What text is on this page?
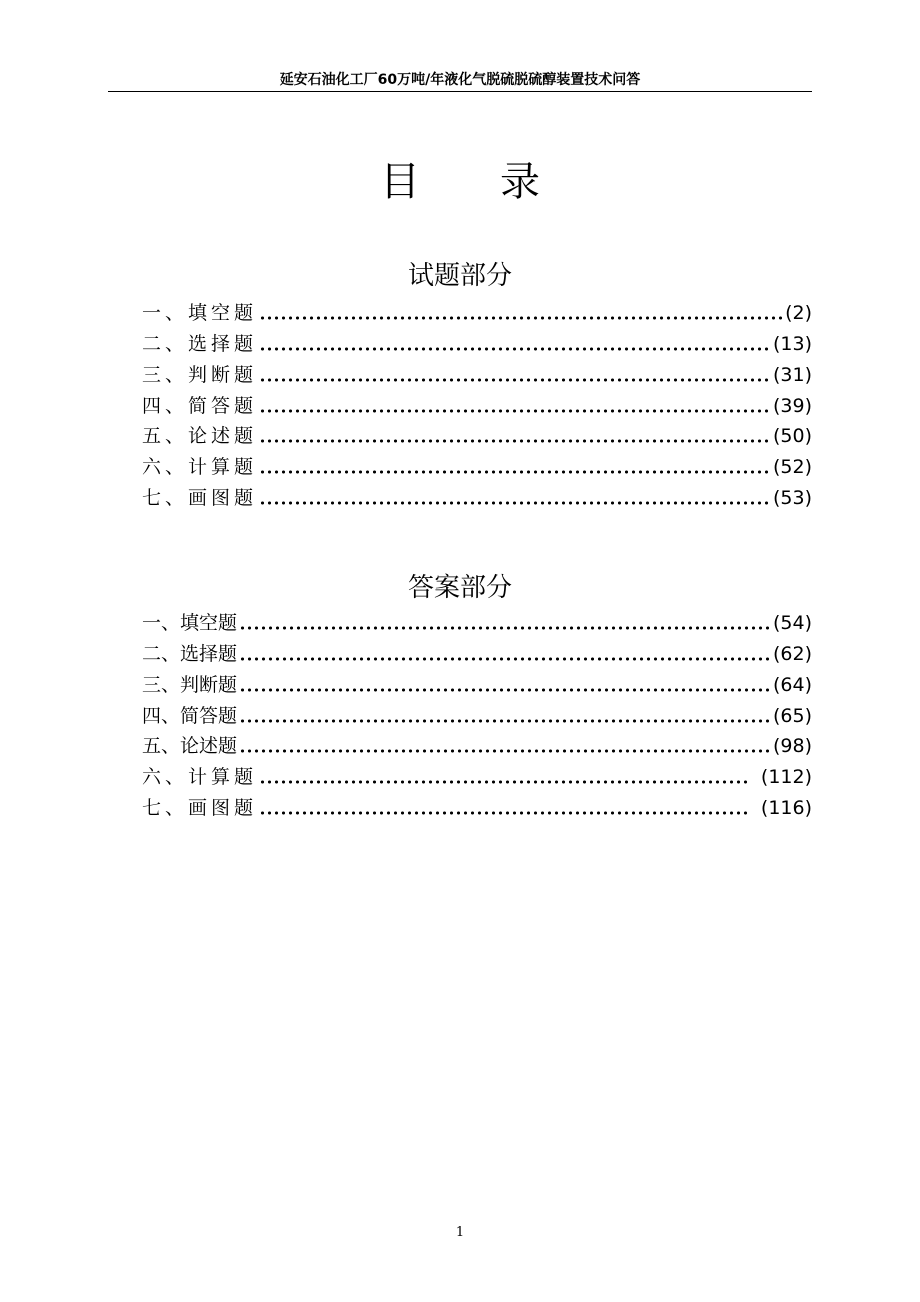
延安石油化工厂60万吨/年液化气脱硫脱硫醇装置技术问答
目录
试题部分
一、填空题	(2)
二、选择题	(13)
三、判断题	(31)
四、简答题	(39)
五、论述题	(50)
六、计算题	(52)
七、画图题	(53)
答案部分
一、填空题	(54)
二、选择题	(62)
三、判断题	(64)
四、简答题	(65)
五、论述题	(98)
六、计算题	(112)
七、画图题	(116)
1
